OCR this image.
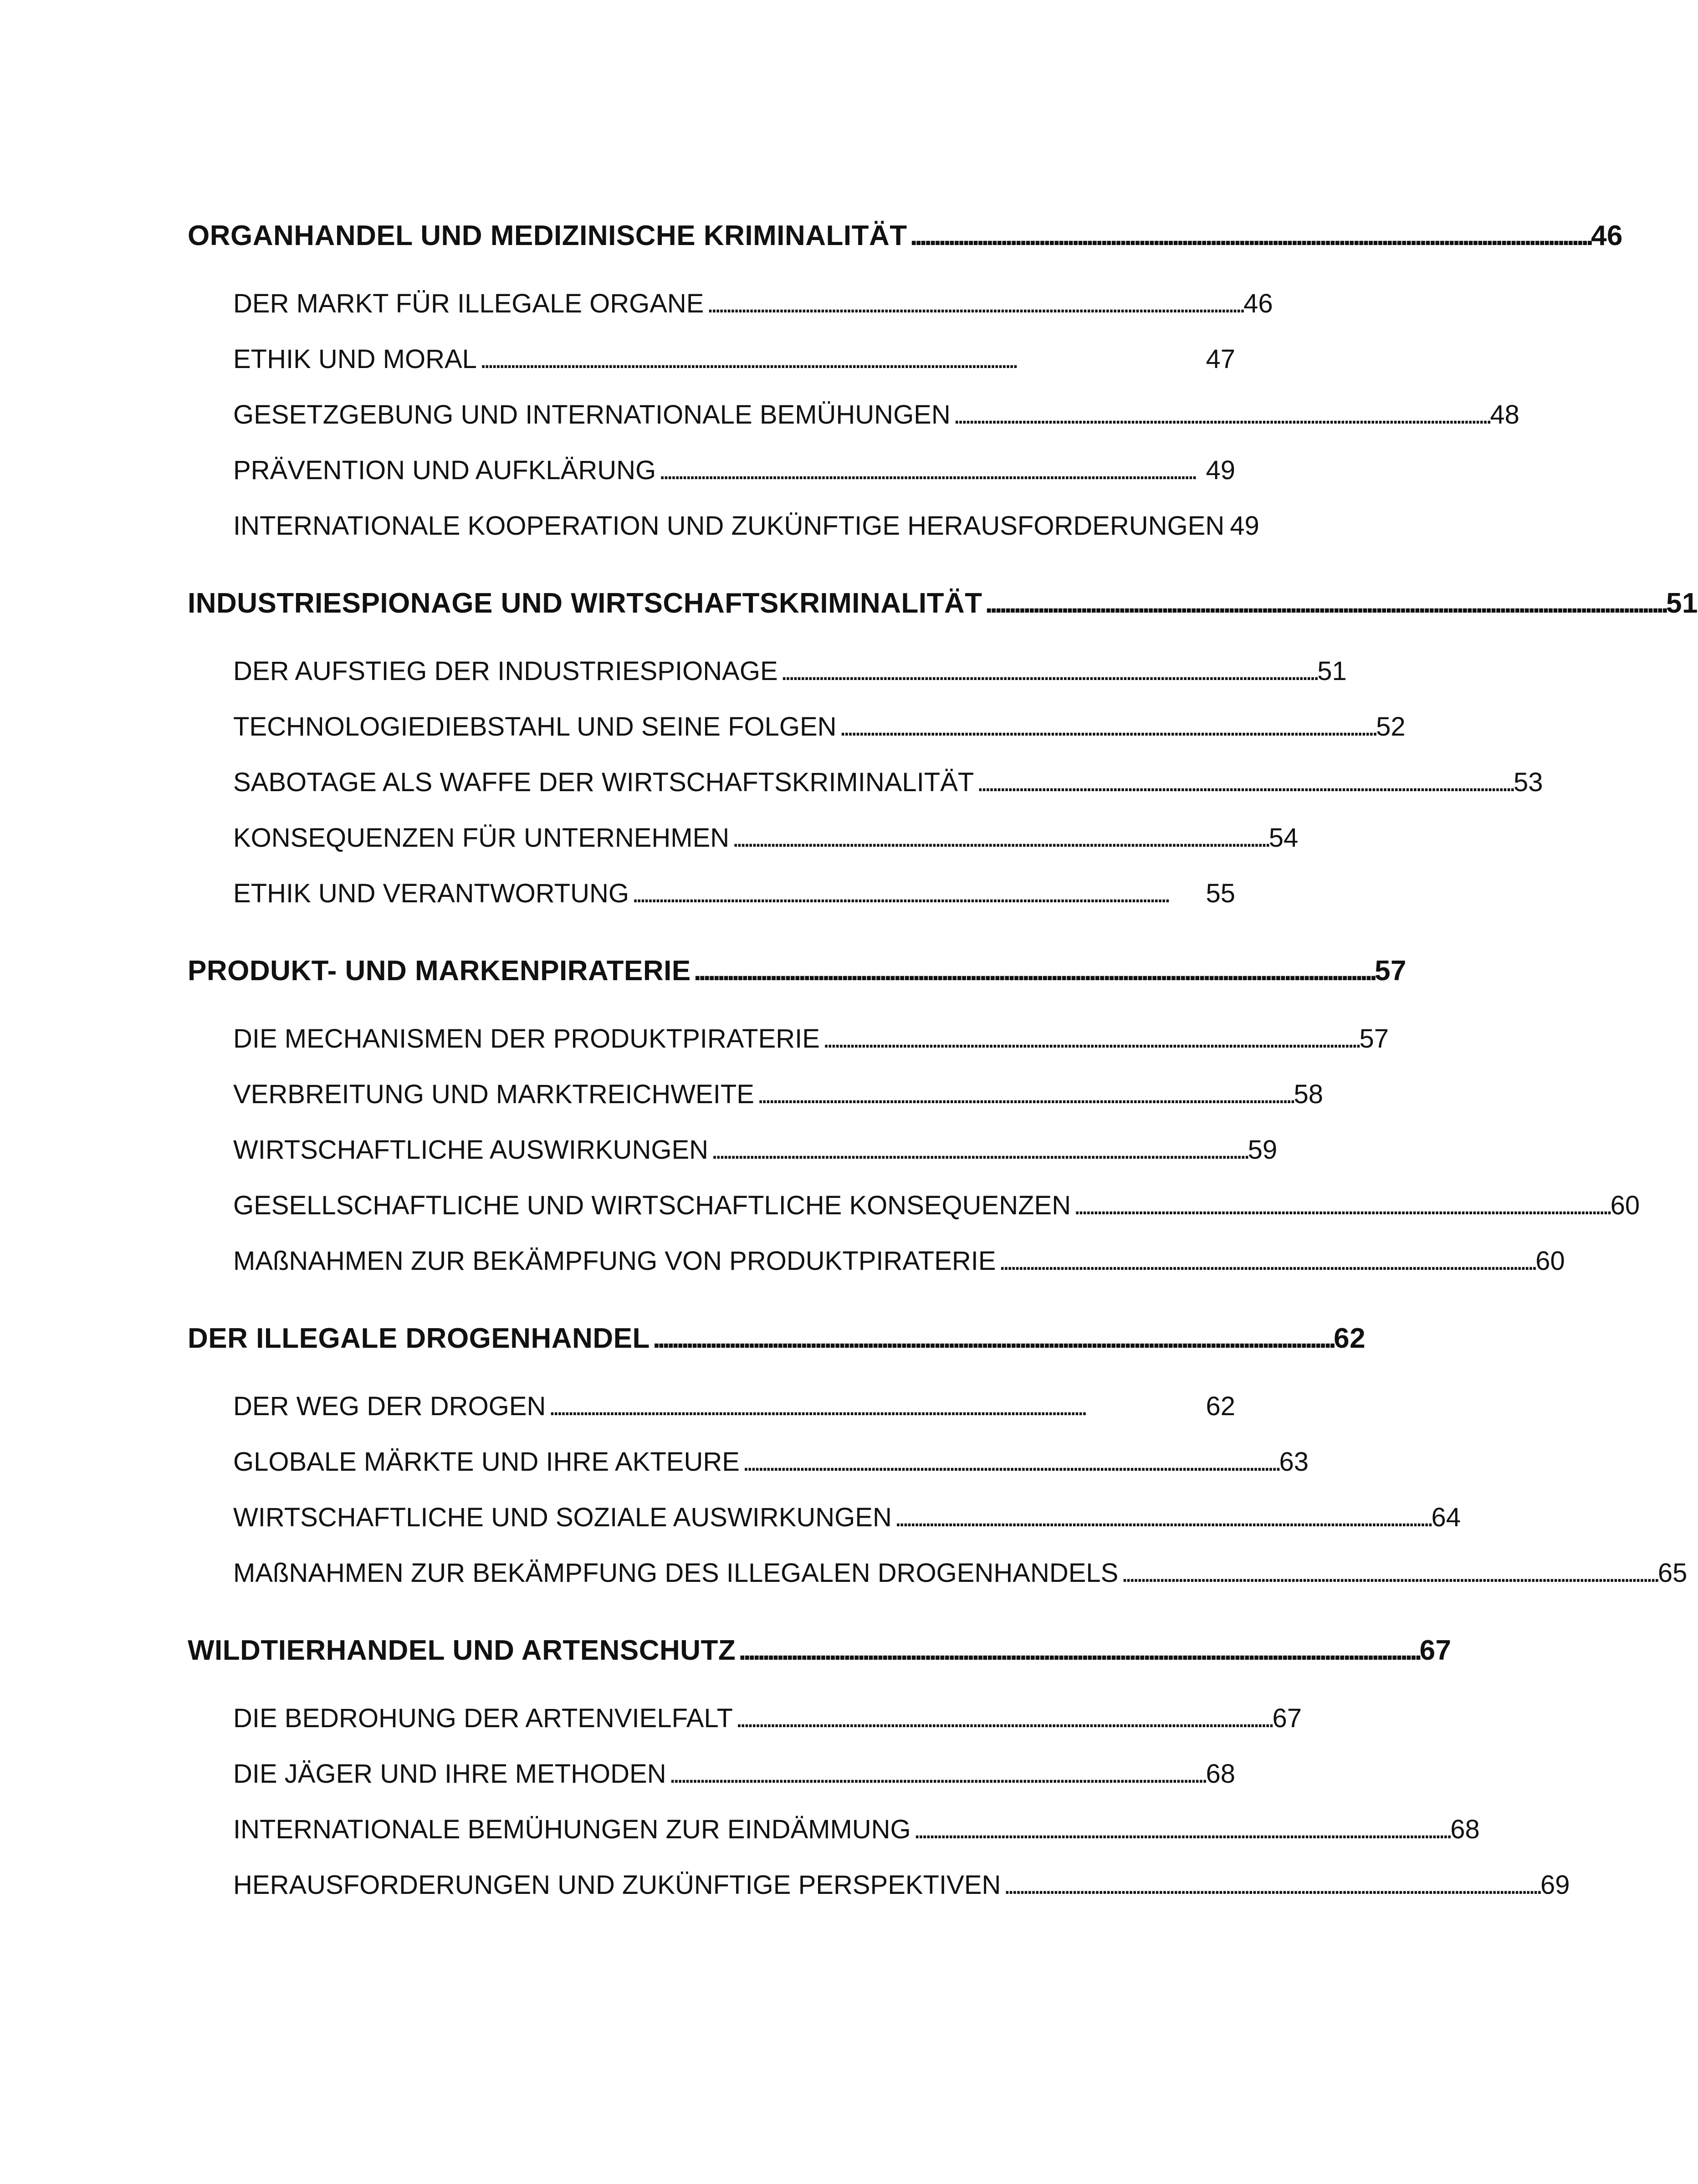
ORGANHANDEL UND MEDIZINISCHE KRIMINALITÄT . . .	46
DER MARKT FÜR ILLEGALE ORGANE . . .	46
ETHIK UND MORAL . . .	47
GESETZGEBUNG UND INTERNATIONALE BEMÜHUNGEN . . .	48
PRÄVENTION UND AUFKLÄRUNG . . .	49
INTERNATIONALE KOOPERATION UND ZUKÜNFTIGE HERAUSFORDERUNGEN 49
INDUSTRIESPIONAGE UND WIRTSCHAFTSKRIMINALITÄT . . .	51
DER AUFSTIEG DER INDUSTRIESPIONAGE . . .	51
TECHNOLOGIEDIEBSTAHL UND SEINE FOLGEN . . .	52
SABOTAGE ALS WAFFE DER WIRTSCHAFTSKRIMINALITÄT . . .	53
KONSEQUENZEN FÜR UNTERNEHMEN . . .	54
ETHIK UND VERANTWORTUNG . . .	55
PRODUKT- UND MARKENPIRATERIE . . .	57
DIE MECHANISMEN DER PRODUKTPIRATERIE . . .	57
VERBREITUNG UND MARKTREICHWEITE . . .	58
WIRTSCHAFTLICHE AUSWIRKUNGEN . . .	59
GESELLSCHAFTLICHE UND WIRTSCHAFTLICHE KONSEQUENZEN . . .	60
MAßNAHMEN ZUR BEKÄMPFUNG VON PRODUKTPIRATERIE . . .	60
DER ILLEGALE DROGENHANDEL . . .	62
DER WEG DER DROGEN . . .	62
GLOBALE MÄRKTE UND IHRE AKTEURE . . .	63
WIRTSCHAFTLICHE UND SOZIALE AUSWIRKUNGEN . . .	64
MAßNAHMEN ZUR BEKÄMPFUNG DES ILLEGALEN DROGENHANDELS . . .	65
WILDTIERHANDEL UND ARTENSCHUTZ . . .	67
DIE BEDROHUNG DER ARTENVIELFALT . . .	67
DIE JÄGER UND IHRE METHODEN . . .	68
INTERNATIONALE BEMÜHUNGEN ZUR EINDÄMMUNG . . .	68
HERAUSFORDERUNGEN UND ZUKÜNFTIGE PERSPEKTIVEN . . .	69
